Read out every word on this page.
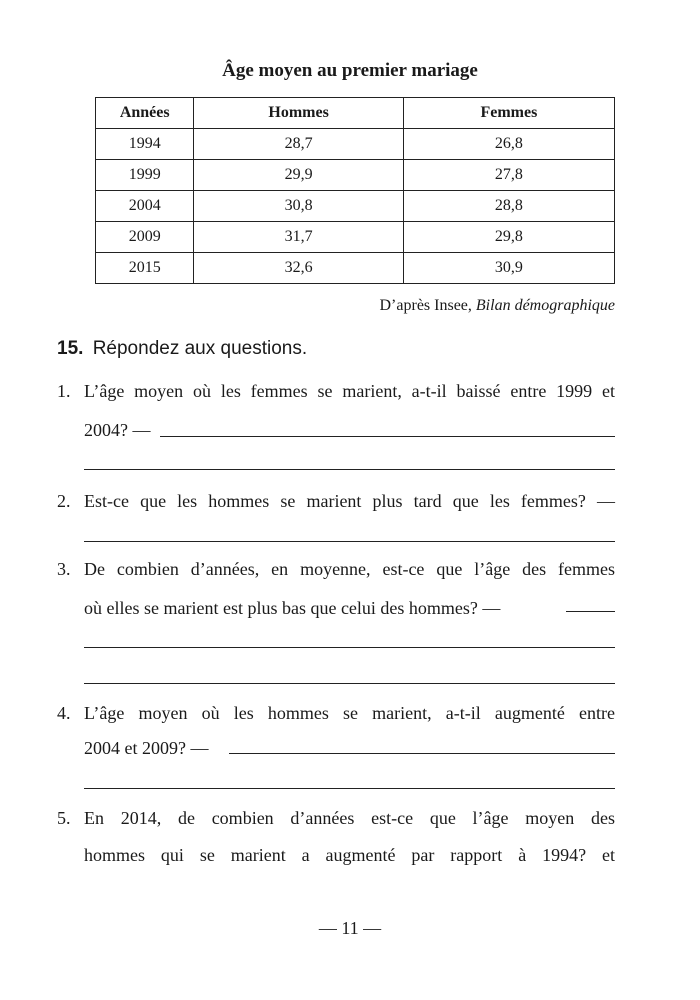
Âge moyen au premier mariage
Années	Hommes	Femmes
1994	28,7	26,8
1999	29,9	27,8
2004	30,8	28,8
2009	31,7	29,8
2015	32,6	30,9
D’après Insee, Bilan démographique
15. Répondez aux questions.
1. L’âge moyen où les femmes se marient, a-t-il baissé entre 1999 et
2004? —
2. Est-ce que les hommes se marient plus tard que les femmes? —
3. De combien d’années, en moyenne, est-ce que l’âge des femmes
où elles se marient est plus bas que celui des hommes? —
4. L’âge moyen où les hommes se marient, a-t-il augmenté entre
2004 et 2009? —
5. En 2014, de combien d’années est-ce que l’âge moyen des
hommes qui se marient a augmenté par rapport à 1994? et
— 11 —
